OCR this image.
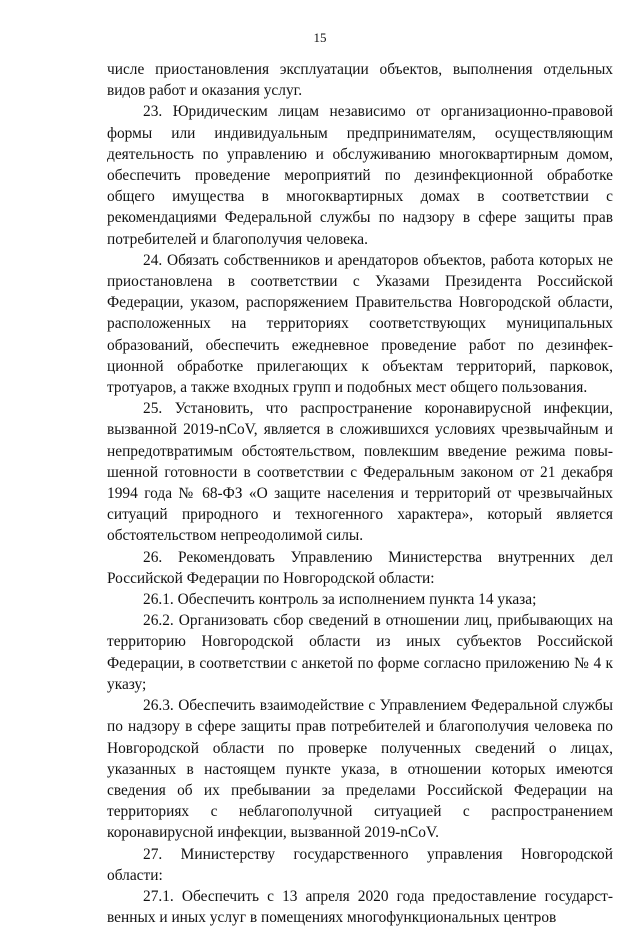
15

числе приостановления эксплуатации объектов, выполнения отдельных видов работ и оказания услуг.

23. Юридическим лицам независимо от организационно-правовой формы или индивидуальным предпринимателям, осуществляющим деятельность по управлению и обслуживанию многоквартирным домом, обеспечить проведение мероприятий по дезинфекционной обработке общего имущества в многоквартирных домах в соответствии с рекомендациями Федеральной службы по надзору в сфере защиты прав потребителей и благополучия человека.

24. Обязать собственников и арендаторов объектов, работа которых не приостановлена в соответствии с Указами Президента Российской Федерации, указом, распоряжением Правительства Новгородской области, расположенных на территориях соответствующих муниципальных образований, обеспечить ежедневное проведение работ по дезинфек-ционной обработке прилегающих к объектам территорий, парковок, тротуаров, а также входных групп и подобных мест общего пользования.

25. Установить, что распространение коронавирусной инфекции, вызванной 2019-nCoV, является в сложившихся условиях чрезвычайным и непредотвратимым обстоятельством, повлекшим введение режима повы-шенной готовности в соответствии с Федеральным законом от 21 декабря 1994 года № 68-ФЗ «О защите населения и территорий от чрезвычайных ситуаций природного и техногенного характера», который является обстоятельством непреодолимой силы.

26. Рекомендовать Управлению Министерства внутренних дел Российской Федерации по Новгородской области:

26.1. Обеспечить контроль за исполнением пункта 14 указа;

26.2. Организовать сбор сведений в отношении лиц, прибывающих на территорию Новгородской области из иных субъектов Российской Федерации, в соответствии с анкетой по форме согласно приложению № 4 к указу;

26.3. Обеспечить взаимодействие с Управлением Федеральной службы по надзору в сфере защиты прав потребителей и благополучия человека по Новгородской области по проверке полученных сведений о лицах, указанных в настоящем пункте указа, в отношении которых имеются сведения об их пребывании за пределами Российской Федерации на территориях с неблагополучной ситуацией с распространением коронавирусной инфекции, вызванной 2019-nCoV.

27. Министерству государственного управления Новгородской области:

27.1. Обеспечить с 13 апреля 2020 года предоставление государст-венных и иных услуг в помещениях многофункциональных центров
